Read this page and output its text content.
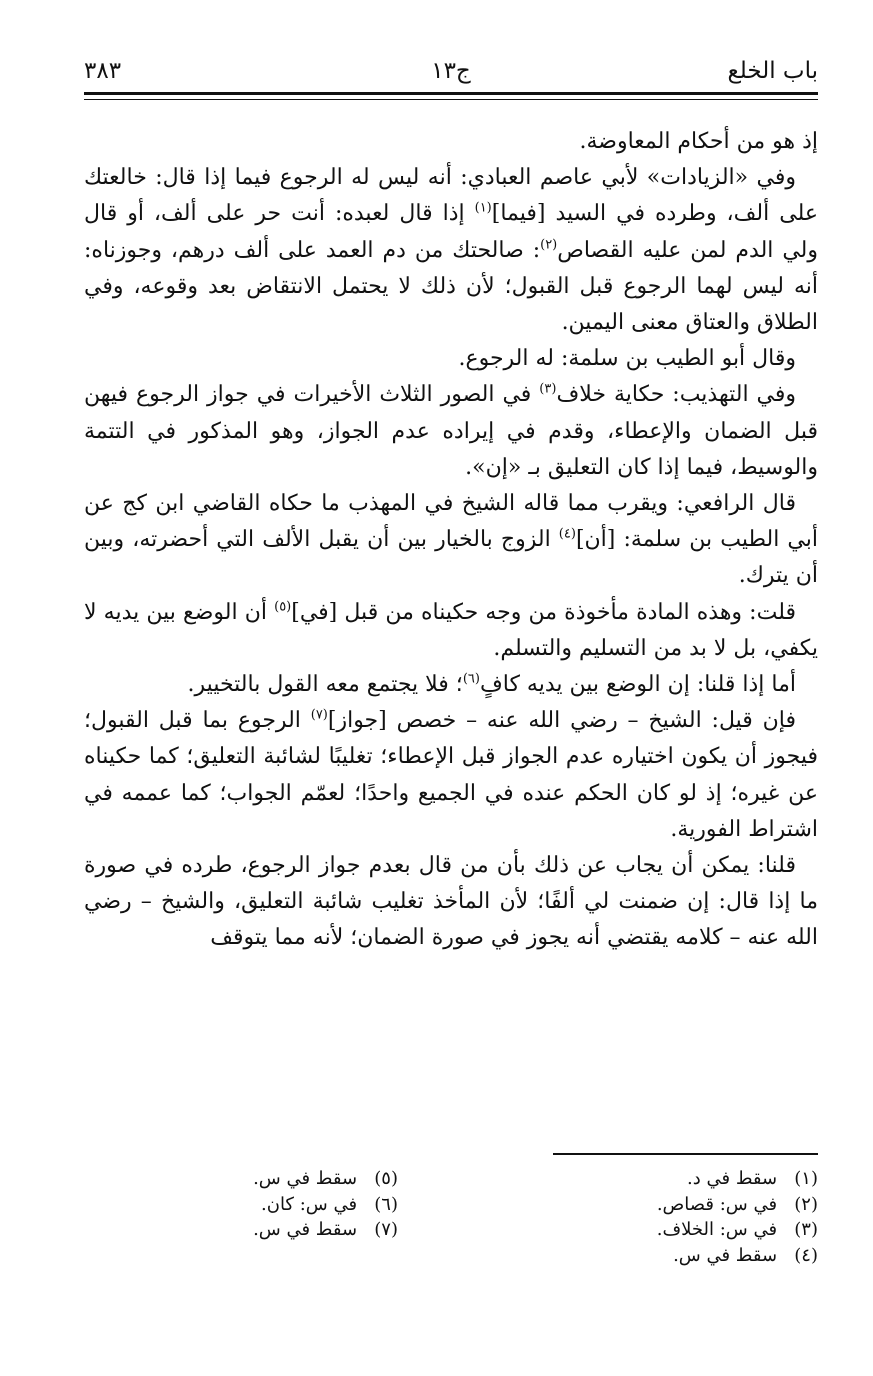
باب الخلع
ج١٣
٣٨٣

إذ هو من أحكام المعاوضة.

وفي «الزيادات» لأبي عاصم العبادي: أنه ليس له الرجوع فيما إذا قال: خالعتك على ألف، وطرده في السيد [فيما]$^{(١)}$ إذا قال لعبده: أنت حر على ألف، أو قال ولي الدم لمن عليه القصاص$^{(٢)}$: صالحتك من دم العمد على ألف درهم، وجوزناه: أنه ليس لهما الرجوع قبل القبول؛ لأن ذلك لا يحتمل الانتقاض بعد وقوعه، وفي الطلاق والعتاق معنى اليمين.

وقال أبو الطيب بن سلمة: له الرجوع.

وفي التهذيب: حكاية خلاف$^{(٣)}$ في الصور الثلاث الأخيرات في جواز الرجوع فيهن قبل الضمان والإعطاء، وقدم في إيراده عدم الجواز، وهو المذكور في التتمة والوسيط، فيما إذا كان التعليق بـ «إن».

قال الرافعي: ويقرب مما قاله الشيخ في المهذب ما حكاه القاضي ابن كج عن أبي الطيب بن سلمة: [أن]$^{(٤)}$ الزوج بالخيار بين أن يقبل الألف التي أحضرته، وبين أن يترك.

قلت: وهذه المادة مأخوذة من وجه حكيناه من قبل [في]$^{(٥)}$ أن الوضع بين يديه لا يكفي، بل لا بد من التسليم والتسلم.

أما إذا قلنا: إن الوضع بين يديه كافٍ$^{(٦)}$؛ فلا يجتمع معه القول بالتخيير.

فإن قيل: الشيخ – رضي الله عنه – خصص [جواز]$^{(٧)}$ الرجوع بما قبل القبول؛ فيجوز أن يكون اختياره عدم الجواز قبل الإعطاء؛ تغليبًا لشائبة التعليق؛ كما حكيناه عن غيره؛ إذ لو كان الحكم عنده في الجميع واحدًا؛ لعمّم الجواب؛ كما عممه في اشتراط الفورية.

قلنا: يمكن أن يجاب عن ذلك بأن من قال بعدم جواز الرجوع، طرده في صورة ما إذا قال: إن ضمنت لي ألفًا؛ لأن المأخذ تغليب شائبة التعليق، والشيخ – رضي الله عنه – كلامه يقتضي أنه يجوز في صورة الضمان؛ لأنه مما يتوقف

(١)   سقط في د.
(٢)   في س: قصاص.
(٣)   في س: الخلاف.
(٤)   سقط في س.
(٥)   سقط في س.
(٦)   في س: كان.
(٧)   سقط في س.
